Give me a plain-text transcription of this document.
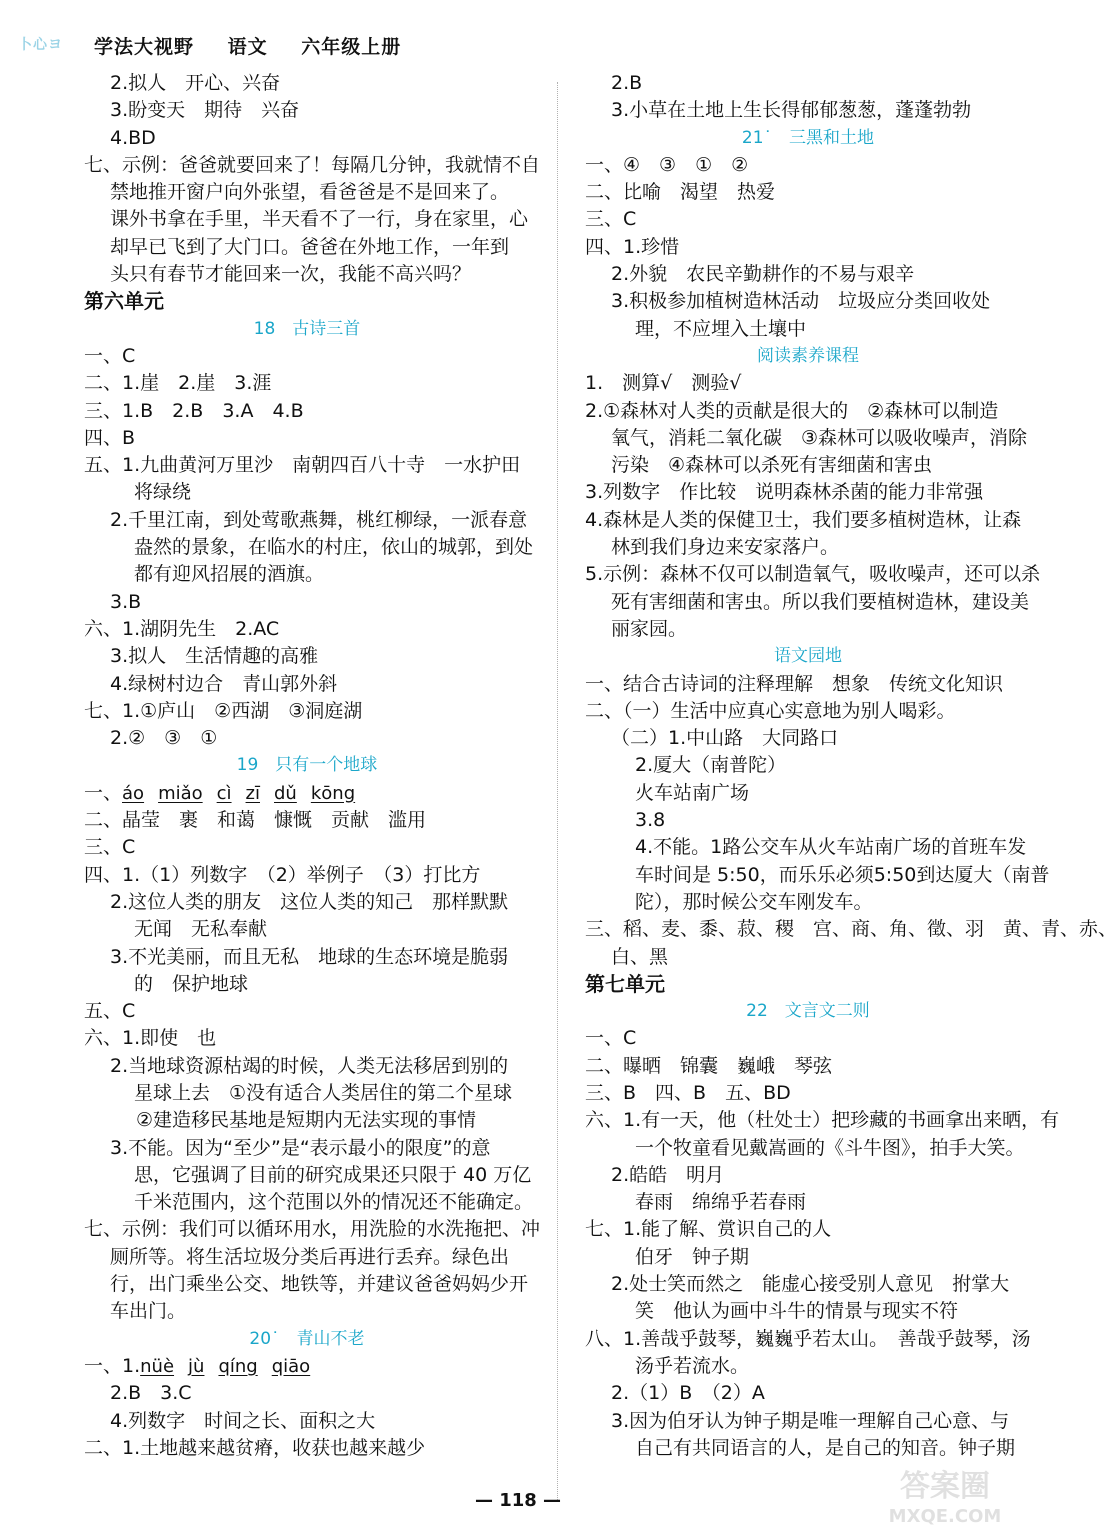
卜心ヨ	学法大视野 语文 六年级上册
2.拟人　开心、兴奋
3.盼变天　期待　兴奋
4.BD
七、示例：爸爸就要回来了！每隔几分钟，我就情不自
禁地推开窗户向外张望，看爸爸是不是回来了。
课外书拿在手里，半天看不了一行，身在家里，心
却早已飞到了大门口。爸爸在外地工作，一年到
头只有春节才能回来一次，我能不高兴吗？
第六单元
18　古诗三首
一、C
二、1.崖　2.崖　3.涯
三、1.B　2.B　3.A　4.B
四、B
五、1.九曲黄河万里沙　南朝四百八十寺　一水护田
将绿绕
2.千里江南，到处莺歌燕舞，桃红柳绿，一派春意
盎然的景象，在临水的村庄，依山的城郭，到处
都有迎风招展的酒旗。
3.B
六、1.湖阴先生　2.AC
3.拟人　生活情趣的高雅
4.绿树村边合　青山郭外斜
七、1.①庐山　②西湖　③洞庭湖
2.②　③　①
19　只有一个地球
一、áo miǎo cì zī dǔ kōng
二、晶莹　裹　和蔼　慷慨　贡献　滥用
三、C
四、1.（1）列数字　（2）举例子　（3）打比方
2.这位人类的朋友　这位人类的知己　那样默默
无闻　无私奉献
3.不光美丽，而且无私　地球的生态环境是脆弱
的　保护地球
五、C
六、1.即使　也
2.当地球资源枯竭的时候，人类无法移居到别的
星球上去　①没有适合人类居住的第二个星球
②建造移民基地是短期内无法实现的事情
3.不能。因为“至少”是“表示最小的限度”的意
思，它强调了目前的研究成果还只限于 40 万亿
千米范围内，这个范围以外的情况还不能确定。
七、示例：我们可以循环用水，用洗脸的水洗拖把、冲
厕所等。将生活垃圾分类后再进行丢弃。绿色出
行，出门乘坐公交、地铁等，并建议爸爸妈妈少开
车出门。
20˙　青山不老
一、1.nüè jù qíng qiāo
2.B　3.C
4.列数字　时间之长、面积之大
二、1.土地越来越贫瘠，收获也越来越少
2.B
3.小草在土地上生长得郁郁葱葱，蓬蓬勃勃
21˙　三黑和土地
一、④　③　①　②
二、比喻　渴望　热爱
三、C
四、1.珍惜
2.外貌　农民辛勤耕作的不易与艰辛
3.积极参加植树造林活动　垃圾应分类回收处
理，不应埋入土壤中
阅读素养课程
1.　测算√　测验√
2.①森林对人类的贡献是很大的　②森林可以制造
氧气，消耗二氧化碳　③森林可以吸收噪声，消除
污染　④森林可以杀死有害细菌和害虫
3.列数字　作比较　说明森林杀菌的能力非常强
4.森林是人类的保健卫士，我们要多植树造林，让森
林到我们身边来安家落户。
5.示例：森林不仅可以制造氧气，吸收噪声，还可以杀
死有害细菌和害虫。所以我们要植树造林，建设美
丽家园。
语文园地
一、结合古诗词的注释理解　想象　传统文化知识
二、（一）生活中应真心实意地为别人喝彩。
（二）1.中山路　大同路口
2.厦大（南普陀）
火车站南广场
3.8
4.不能。1路公交车从火车站南广场的首班车发
车时间是 5:50，而乐乐必须5:50到达厦大（南普
陀），那时候公交车刚发车。
三、稻、麦、黍、菽、稷　宫、商、角、徵、羽　黄、青、赤、
白、黑
第七单元
22　文言文二则
一、C
二、曝晒　锦囊　巍峨　琴弦
三、B　四、B　五、BD
六、1.有一天，他（杜处士）把珍藏的书画拿出来晒，有
一个牧童看见戴嵩画的《斗牛图》，拍手大笑。
2.皓皓　明月
春雨　绵绵乎若春雨
七、1.能了解、赏识自己的人
伯牙　钟子期
2.处士笑而然之　能虚心接受别人意见　拊掌大
笑　他认为画中斗牛的情景与现实不符
八、1.善哉乎鼓琴，巍巍乎若太山。　善哉乎鼓琴，汤
汤乎若流水。
2.（1）B　（2）A
3.因为伯牙认为钟子期是唯一理解自己心意、与
自己有共同语言的人，是自己的知音。钟子期
— 118 —	答案圈
MXQE.COM
